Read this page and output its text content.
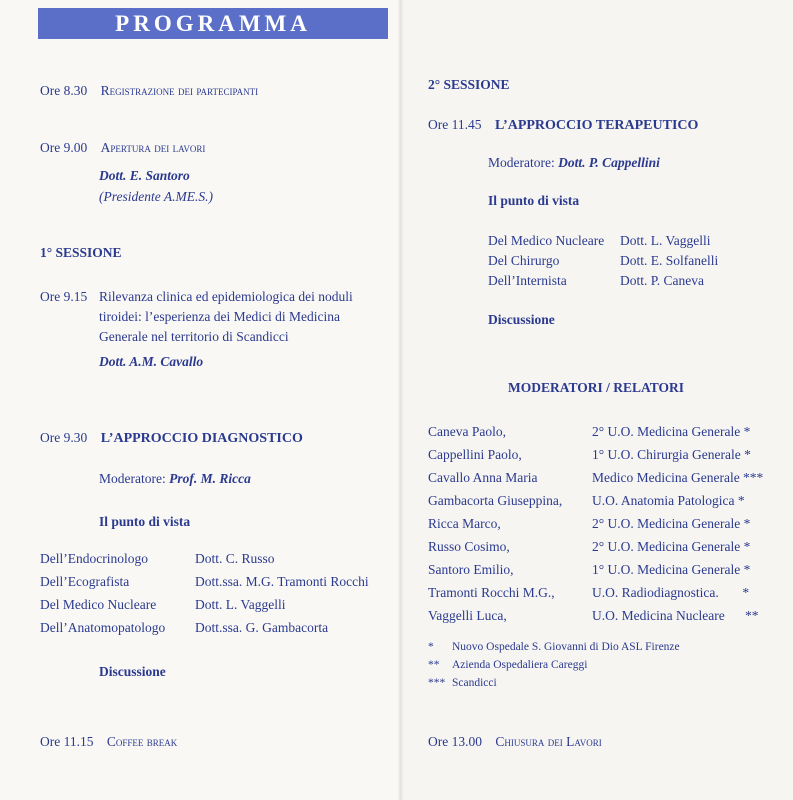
PROGRAMMA
Ore 8.30 Registrazione dei partecipanti
Ore 9.00 Apertura dei lavori
Dott. E. Santoro
(Presidente A.ME.S.)
1° SESSIONE
Ore 9.15 Rilevanza clinica ed epidemiologica dei noduli
tiroidei: l’esperienza dei Medici di Medicina
Generale nel territorio di Scandicci
Dott. A.M. Cavallo
Ore 9.30 L’APPROCCIO DIAGNOSTICO
Moderatore: Prof. M. Ricca
Il punto di vista
Dell’Endocrinologo	Dott. C. Russo
Dell’Ecografista	Dott.ssa. M.G. Tramonti Rocchi
Del Medico Nucleare	Dott. L. Vaggelli
Dell’Anatomopatologo Dott.ssa. G. Gambacorta
Discussione
Ore 11.15 Coffee break
2° SESSIONE
Ore 11.45 L’APPROCCIO TERAPEUTICO
Moderatore: Dott. P. Cappellini
Il punto di vista
Del Medico Nucleare Dott. L. Vaggelli
Del Chirurgo	Dott. E. Solfanelli
Dell’Internista	Dott. P. Caneva
Discussione
MODERATORI / RELATORI
Caneva Paolo,	2° U.O. Medicina Generale *
Cappellini Paolo,	1° U.O. Chirurgia Generale *
Cavallo Anna Maria	Medico Medicina Generale ***
Gambacorta Giuseppina, U.O. Anatomia Patologica *
Ricca Marco,	2° U.O. Medicina Generale *
Russo Cosimo,	2° U.O. Medicina Generale *
Santoro Emilio,	1° U.O. Medicina Generale *
Tramonti Rocchi M.G.,	U.O. Radiodiagnostica.       *
Vaggelli Luca,	U.O. Medicina Nucleare      **
* Nuovo Ospedale S. Giovanni di Dio ASL Firenze
** Azienda Ospedaliera Careggi
*** Scandicci
Ore 13.00 Chiusura dei Lavori
